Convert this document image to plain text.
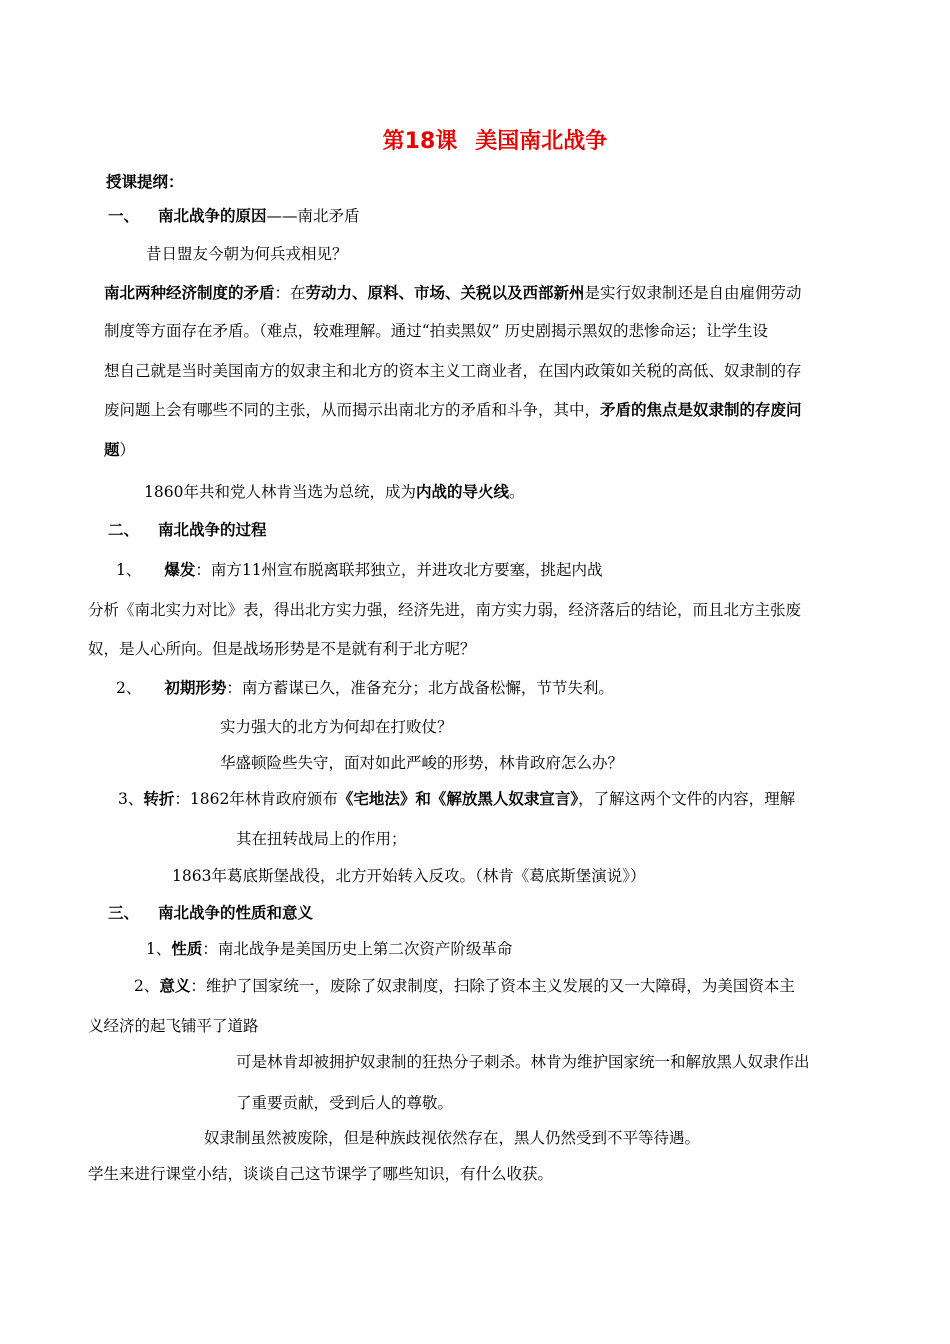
第18课 美国南北战争
授课提纲：
一、 南北战争的原因——南北矛盾
昔日盟友今朝为何兵戎相见？
南北两种经济制度的矛盾：在劳动力、原料、市场、关税以及西部新州是实行奴隶制还是自由雇佣劳动
制度等方面存在矛盾。（难点，较难理解。通过“拍卖黑奴” 历史剧揭示黑奴的悲惨命运；让学生设
想自己就是当时美国南方的奴隶主和北方的资本主义工商业者，在国内政策如关税的高低、奴隶制的存
废问题上会有哪些不同的主张，从而揭示出南北方的矛盾和斗争，其中，矛盾的焦点是奴隶制的存废问
题）
1860年共和党人林肯当选为总统，成为内战的导火线。
二、 南北战争的过程
1、 爆发：南方11州宣布脱离联邦独立，并进攻北方要塞，挑起内战
分析《南北实力对比》表，得出北方实力强，经济先进，南方实力弱，经济落后的结论，而且北方主张废
奴，是人心所向。但是战场形势是不是就有利于北方呢？
2、 初期形势：南方蓄谋已久，准备充分；北方战备松懈，节节失利。
实力强大的北方为何却在打败仗？
华盛顿险些失守，面对如此严峻的形势，林肯政府怎么办？
3、转折：1862年林肯政府颁布《宅地法》和《解放黑人奴隶宣言》，了解这两个文件的内容，理解
其在扭转战局上的作用；
1863年葛底斯堡战役，北方开始转入反攻。（林肯《葛底斯堡演说》）
三、 南北战争的性质和意义
1、性质：南北战争是美国历史上第二次资产阶级革命
2、意义：维护了国家统一，废除了奴隶制度，扫除了资本主义发展的又一大障碍，为美国资本主
义经济的起飞铺平了道路
可是林肯却被拥护奴隶制的狂热分子刺杀。林肯为维护国家统一和解放黑人奴隶作出
了重要贡献，受到后人的尊敬。
奴隶制虽然被废除，但是种族歧视依然存在，黑人仍然受到不平等待遇。
学生来进行课堂小结，谈谈自己这节课学了哪些知识，有什么收获。
